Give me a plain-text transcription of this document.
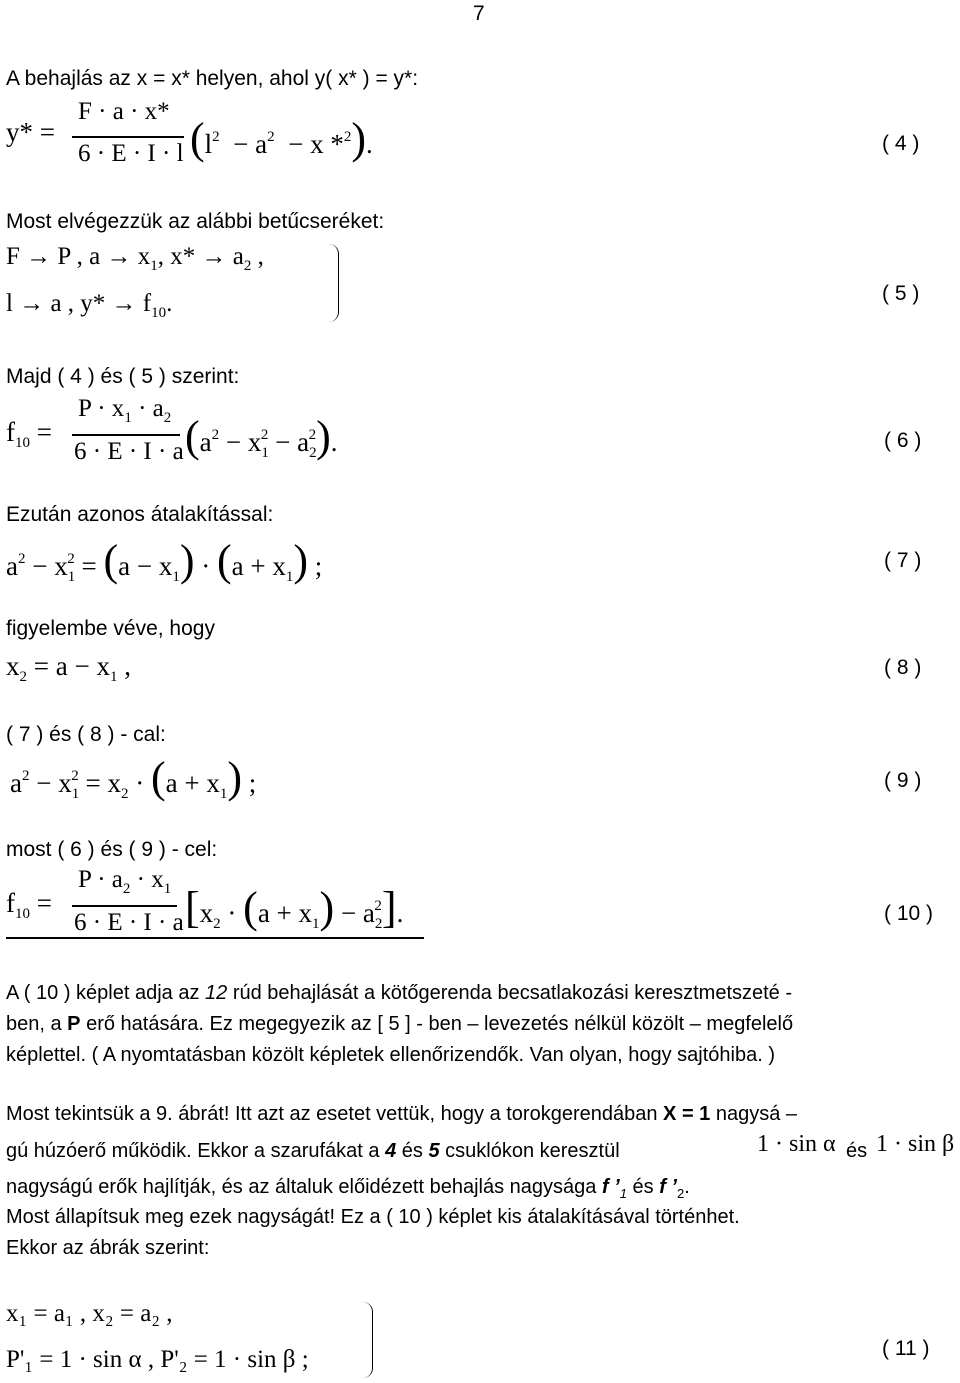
7
A behajlás az x = x* helyen, ahol y( x* ) = y*:
y* =
F · a · x*
6 · E · I · l ($l^2 - a^2 - x$ *$^2$).	( 4 )
Most elvégezzük az alábbi betűcseréket:
F → P , $a \to x_1$, $x* \to a_2$ ,
l → a , $y* \to f_{10}$.	( 5 )
Majd ( 4 ) és ( 5 ) szerint:
$f_{10}$ =
$P \cdot x_1 \cdot a_2$
6 · E · I · a $(a^2 - x_1^2 - a_2^2)$.	( 6 )
Ezután azonos átalakítással:
$a^2 - x_1^2 = (a - x_1) \cdot (a + x_1)$ ;	( 7 )
figyelembe véve, hogy
$x_2 = a - x_1$ ,	( 8 )
( 7 ) és ( 8 ) - cal:
$a^2 - x_1^2 = x_2 \cdot (a + x_1)$ ;	( 9 )
most ( 6 ) és ( 9 ) - cel:
$f_{10}$ =
$P \cdot a_2 \cdot x_1$
6 · E · I · a $[x_2 \cdot (a + x_1) - a_2^2]$.	( 10 )
A ( 10 ) képlet adja az 12 rúd behajlását a kötőgerenda becsatlakozási keresztmetszeté -
ben, a P erő hatására. Ez megegyezik az [ 5 ] - ben – levezetés nélkül közölt – megfelelő
képlettel. ( A nyomtatásban közölt képletek ellenőrizendők. Van olyan, hogy sajtóhiba. )
Most tekintsük a 9. ábrát! Itt azt az esetet vettük, hogy a torokgerendában X = 1 nagysá –
gú húzóerő működik. Ekkor a szarufákat a 4 és 5 csuklókon keresztül	1 · sin α és 1 · sin β
nagyságú erők hajlítják, és az általuk előidézett behajlás nagysága f $’_1$ és f $’_2$.
Most állapítsuk meg ezek nagyságát! Ez a ( 10 ) képlet kis átalakításával történhet.
Ekkor az ábrák szerint:
x₁ = a₁ , x₂ = a₂ ,
P'₁ = 1 · sin α , P'₂ = 1 · sin β ;	( 11 )
